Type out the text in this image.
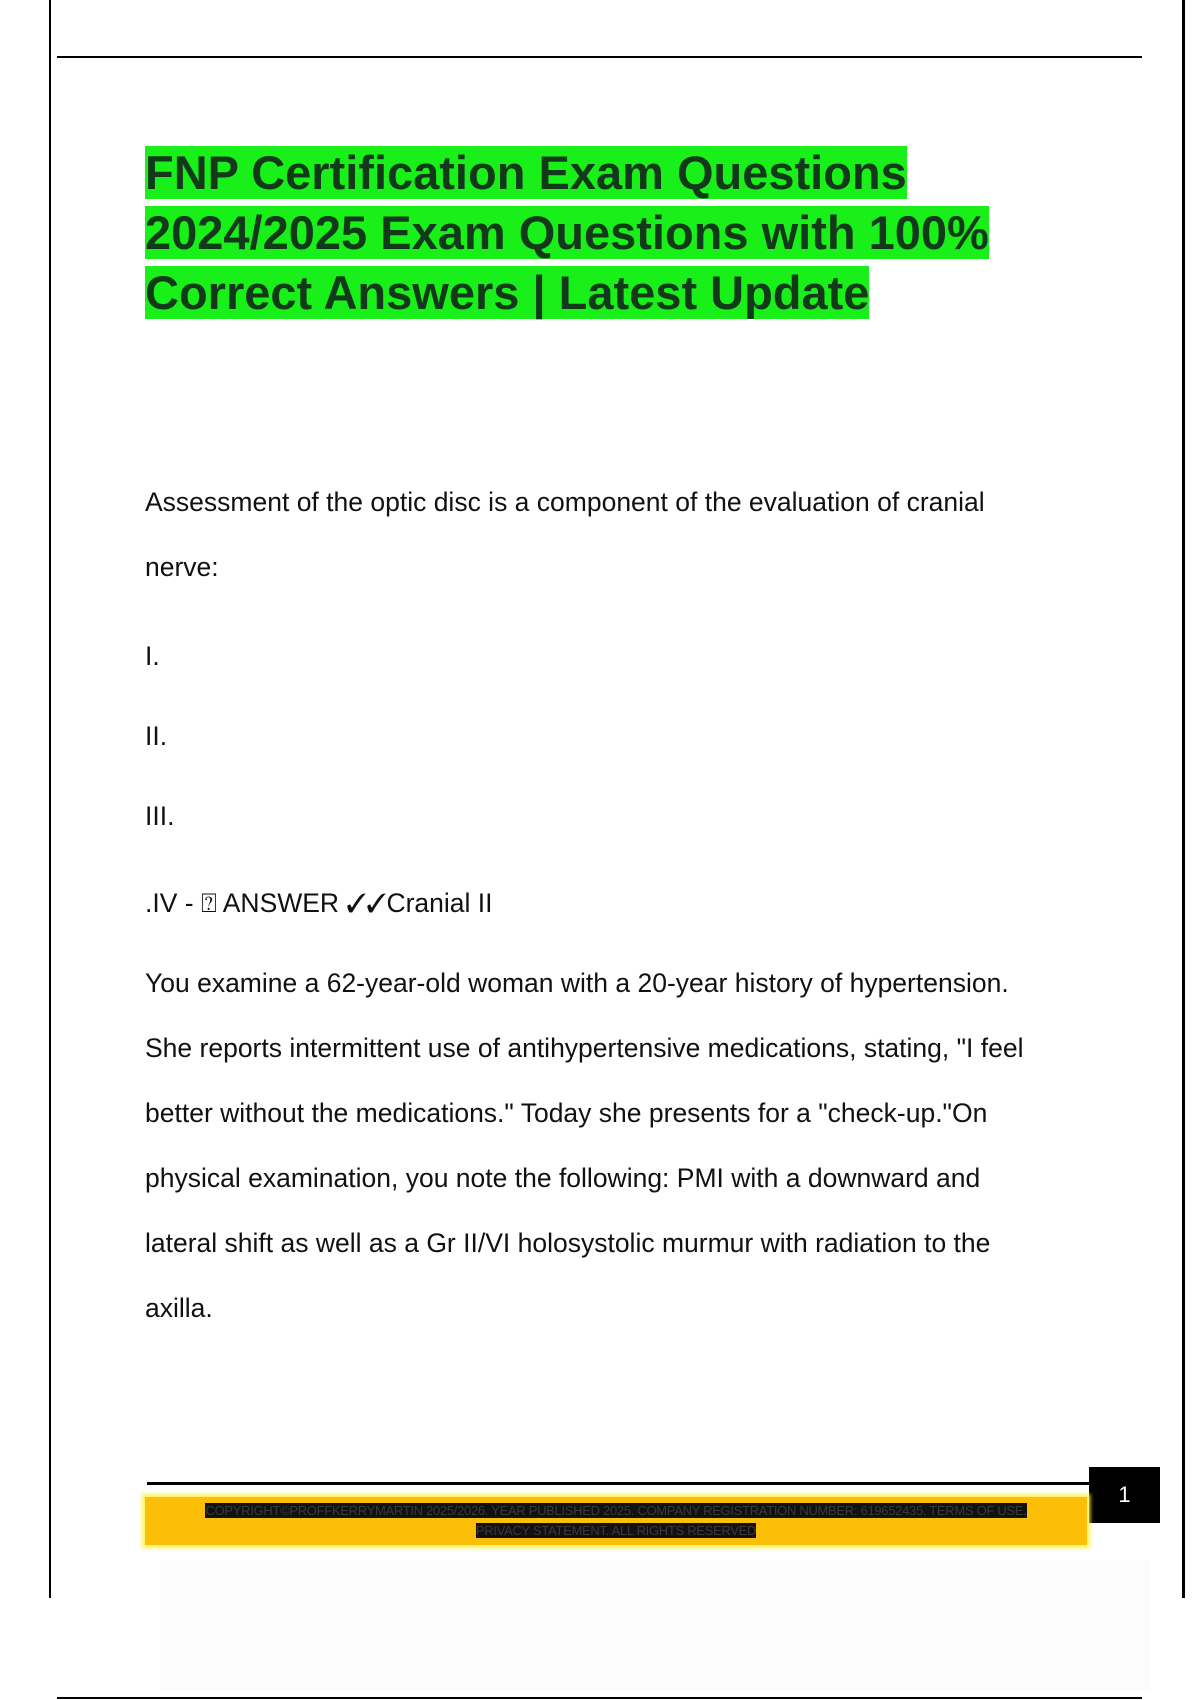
FNP Certification Exam Questions
2024/2025 Exam Questions with 100%
Correct Answers | Latest Update

Assessment of the optic disc is a component of the evaluation of cranial

nerve:

I.

II.

III.

.IV - ⍰ ANSWER ✓✓Cranial II

You examine a 62-year-old woman with a 20-year history of hypertension.

She reports intermittent use of antihypertensive medications, stating, "I feel

better without the medications." Today she presents for a "check-up."On

physical examination, you note the following: PMI with a downward and

lateral shift as well as a Gr II/VI holosystolic murmur with radiation to the

axilla.

1
COPYRIGHT©PROFFKERRYMARTIN 2025/2026. YEAR PUBLISHED 2025. COMPANY REGISTRATION NUMBER: 619652435. TERMS OF USE.
PRIVACY STATEMENT. ALL RIGHTS RESERVED
